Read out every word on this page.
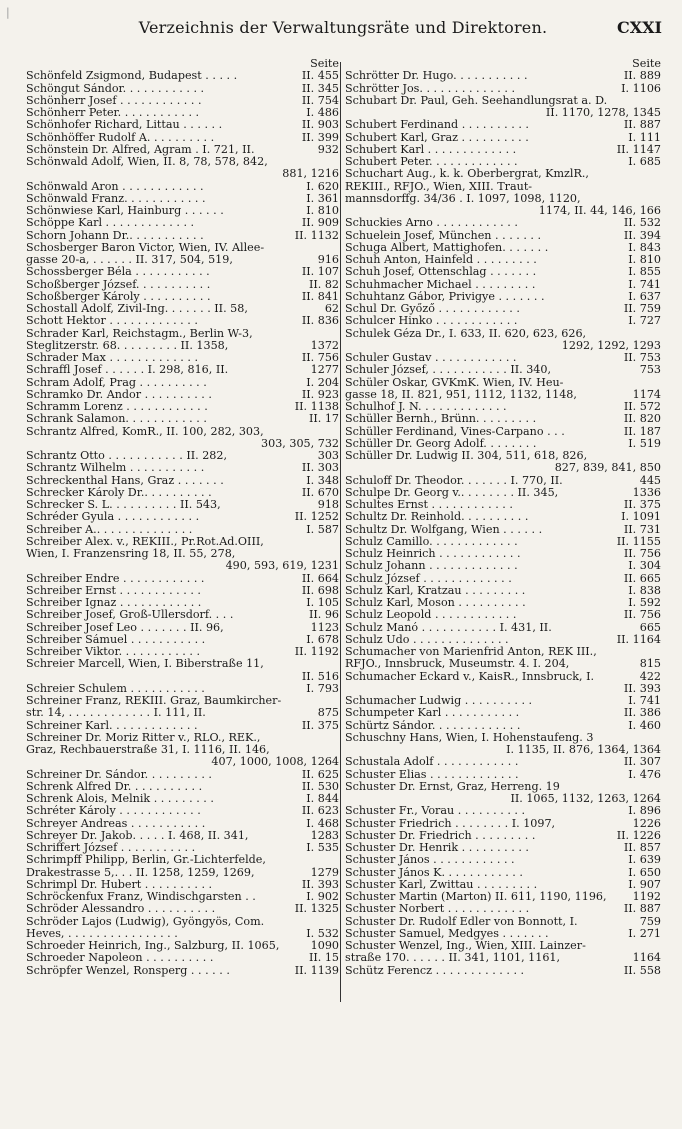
|
Verzeichnis der Verwaltungsräte und Direktoren.	CXXI
Seite
Schönfeld Zsigmond, Budapest . . . . .	II. 455
Schöngut Sándor. . . . . . . . . . . .	II. 345
Schönherr Josef . . . . . . . . . . . .	II. 754
Schönherr Peter. . . . . . . . . . . .	I. 486
Schönhofer Richard, Littau . . . . . .	II. 903
Schönhöffer Rudolf A. . . . . . . . . .	II. 399
Schönstein Dr. Alfred, Agram . I. 721, II.	932
Schönwald Adolf, Wien, II. 8, 78, 578, 842,
881, 1216
Schönwald Aron . . . . . . . . . . . .	I. 620
Schönwald Franz. . . . . . . . . . . .	I. 361
Schönwiese Karl, Hainburg . . . . . .	I. 810
Schöppe Karl . . . . . . . . . . . . .	II. 909
Schorn Johann Dr.. . . . . . . . . . .	II. 1132
Schosberger Baron Victor, Wien, IV. Allee-
gasse 20-a, . . . . . . II. 317, 504, 519,	916
Schossberger Béla . . . . . . . . . . .	II. 107
Schoßberger József. . . . . . . . . . .	II. 82
Schoßberger Károly . . . . . . . . . .	II. 841
Schostall Adolf, Zivil-Ing. . . . . . . II. 58,	62
Schott Hektor . . . . . . . . . . . . .	II. 836
Schrader Karl, Reichstagm., Berlin W-3,
Steglitzerstr. 68. . . . . . . . . II. 1358,	1372
Schrader Max . . . . . . . . . . . . .	II. 756
Schraffl Josef . . . . . . I. 298, 816, II.	1277
Schram Adolf, Prag . . . . . . . . . .	I. 204
Schramko Dr. Andor . . . . . . . . . .	II. 923
Schramm Lorenz . . . . . . . . . . . .	II. 1138
Schrank Salamon. . . . . . . . . . . .	II. 17
Schrantz Alfred, KomR., II. 100, 282, 303,
303, 305, 732
Schrantz Otto . . . . . . . . . . . II. 282,	303
Schrantz Wilhelm . . . . . . . . . . .	II. 303
Schreckenthal Hans, Graz . . . . . . .	I. 348
Schrecker Károly Dr.. . . . . . . . . .	II. 670
Schrecker S. L. . . . . . . . . . II. 543,	918
Schréder Gyula . . . . . . . . . . . .	II. 1252
Schreiber A.. . . . . . . . . . . . . .	I. 587
Schreiber Alex. v., REKIII., Pr.Rot.Ad.OIII,
Wien, I. Franzensring 18, II. 55, 278,
490, 593, 619, 1231
Schreiber Endre . . . . . . . . . . . .	II. 664
Schreiber Ernst . . . . . . . . . . . .	II. 698
Schreiber Ignaz . . . . . . . . . . . .	I. 105
Schreiber Josef, Groß-Ullersdorf. . . .	II. 96
Schreiber Josef Leo . . . . . . . II. 96,	1123
Schreiber Sámuel . . . . . . . . . . .	I. 678
Schreiber Viktor. . . . . . . . . . . .	II. 1192
Schreier Marcell, Wien, I. Biberstraße 11,
II. 516
Schreier Schulem . . . . . . . . . . .	I. 793
Schreiner Franz, REKIII. Graz, Baumkircher-
str. 14, . . . . . . . . . . . . I. 111, II.	875
Schreiner Karl. . . . . . . . . . . . .	II. 375
Schreiner Dr. Moriz Ritter v., RLO., REK.,
Graz, Rechbauerstraße 31, I. 1116, II. 146,
407, 1000, 1008, 1264
Schreiner Dr. Sándor. . . . . . . . . .	II. 625
Schrenk Alfred Dr. . . . . . . . . . .	II. 530
Schrenk Alois, Melnik . . . . . . . . .	I. 844
Schréter Károly . . . . . . . . . . . .	II. 623
Schreyer Andreas . . . . . . . . . . .	I. 468
Schreyer Dr. Jakob. . . . . I. 468, II. 341,	1283
Schriffert József . . . . . . . . . . .	I. 535
Schrimpff Philipp, Berlin, Gr.-Lichterfelde,
Drakestrasse 5,. . . II. 1258, 1259, 1269,	1279
Schrimpl Dr. Hubert . . . . . . . . . .	II. 393
Schröckenfux Franz, Windischgarsten . .	I. 902
Schröder Alessandro . . . . . . . . . .	II. 1325
Schröder Lajos (Ludwig), Gyöngyös, Com.
Heves, . . . . . . . . . . . . . . . .	I. 532
Schroeder Heinrich, Ing., Salzburg, II. 1065,	1090
Schroeder Napoleon . . . . . . . . . .	II. 15
Schröpfer Wenzel, Ronsperg . . . . . .	II. 1139
Seite
Schrötter Dr. Hugo. . . . . . . . . . .	II. 889
Schrötter Jos. . . . . . . . . . . . . .	I. 1106
Schubart Dr. Paul, Geh. Seehandlungsrat a. D.
II. 1170, 1278, 1345
Schubert Ferdinand . . . . . . . . . .	II. 887
Schubert Karl, Graz . . . . . . . . . .	I. 111
Schubert Karl . . . . . . . . . . . . .	II. 1147
Schubert Peter. . . . . . . . . . . . .	I. 685
Schuchart Aug., k. k. Oberbergrat, KmzlR.,
REKIII., RFJO., Wien, XIII. Traut-
mannsdorffg. 34/36 . I. 1097, 1098, 1120,
1174, II. 44, 146, 166
Schuckies Arno . . . . . . . . . . . .	II. 532
Schuelein Josef, München . . . . . . .	II. 394
Schuga Albert, Mattighofen. . . . . . .	I. 843
Schuh Anton, Hainfeld . . . . . . . . .	I. 810
Schuh Josef, Ottenschlag . . . . . . .	I. 855
Schuhmacher Michael . . . . . . . . .	I. 741
Schuhtanz Gábor, Privigye . . . . . . .	I. 637
Schul Dr. Győző . . . . . . . . . . . .	II. 759
Schulcer Hinko . . . . . . . . . . . .	I. 727
Schulek Géza Dr., I. 633, II. 620, 623, 626,
1292, 1292, 1293
Schuler Gustav . . . . . . . . . . . .	II. 753
Schuler József, . . . . . . . . . . . II. 340,	753
Schüler Oskar, GVKmK. Wien, IV. Heu-
gasse 18, II. 821, 951, 1112, 1132, 1148,	1174
Schulhof J. N. . . . . . . . . . . . .	II. 572
Schüller Bernh., Brünn. . . . . . . . .	II. 820
Schüller Ferdinand, Vines-Carpano . . .	II. 187
Schüller Dr. Georg Adolf. . . . . . . .	I. 519
Schüller Dr. Ludwig II. 304, 511, 618, 826,
827, 839, 841, 850
Schuloff Dr. Theodor. . . . . . . I. 770, II.	445
Schulpe Dr. Georg v.. . . . . . . . II. 345,	1336
Schultes Ernst . . . . . . . . . . . .	II. 375
Schultz Dr. Reinhold. . . . . . . . . .	I. 1091
Schultz Dr. Wolfgang, Wien . . . . . .	II. 731
Schulz Camillo. . . . . . . . . . . . .	II. 1155
Schulz Heinrich . . . . . . . . . . . .	II. 756
Schulz Johann . . . . . . . . . . . . .	I. 304
Schulz József . . . . . . . . . . . . .	II. 665
Schulz Karl, Kratzau . . . . . . . . .	I. 838
Schulz Karl, Moson . . . . . . . . . .	I. 592
Schulz Leopold . . . . . . . . . . . .	II. 756
Schulz Manó . . . . . . . . . . . I. 431, II.	665
Schulz Udo . . . . . . . . . . . . . .	II. 1164
Schumacher von Marienfrid Anton, REK III.,
RFJO., Innsbruck, Museumstr. 4. I. 204,	815
Schumacher Eckard v., KaisR., Innsbruck, I.	422
II. 393
Schumacher Ludwig . . . . . . . . . .	I. 741
Schumpeter Karl . . . . . . . . . . .	II. 386
Schürtz Sándor. . . . . . . . . . . . .	I. 460
Schuschny Hans, Wien, I. Hohenstaufeng. 3
I. 1135, II. 876, 1364, 1364
Schustala Adolf . . . . . . . . . . . .	II. 307
Schuster Elias . . . . . . . . . . . . .	I. 476
Schuster Dr. Ernst, Graz, Herreng. 19
II. 1065, 1132, 1263, 1264
Schuster Fr., Vorau . . . . . . . . . .	I. 896
Schuster Friedrich . . . . . . . . I. 1097,	1226
Schuster Dr. Friedrich . . . . . . . . .	II. 1226
Schuster Dr. Henrik . . . . . . . . . .	II. 857
Schuster János . . . . . . . . . . . .	I. 639
Schuster János K. . . . . . . . . . . .	I. 650
Schuster Karl, Zwittau . . . . . . . . .	I. 907
Schuster Martin (Marton) II. 611, 1190, 1196, 1192
Schuster Norbert . . . . . . . . . . . .	II. 887
Schuster Dr. Rudolf Edler von Bonnott, I.	759
Schuster Samuel, Medgyes . . . . . . .	I. 271
Schuster Wenzel, Ing., Wien, XIII. Lainzer-
straße 170. . . . . . II. 341, 1101, 1161,	1164
Schütz Ferencz . . . . . . . . . . . . .	II. 558
